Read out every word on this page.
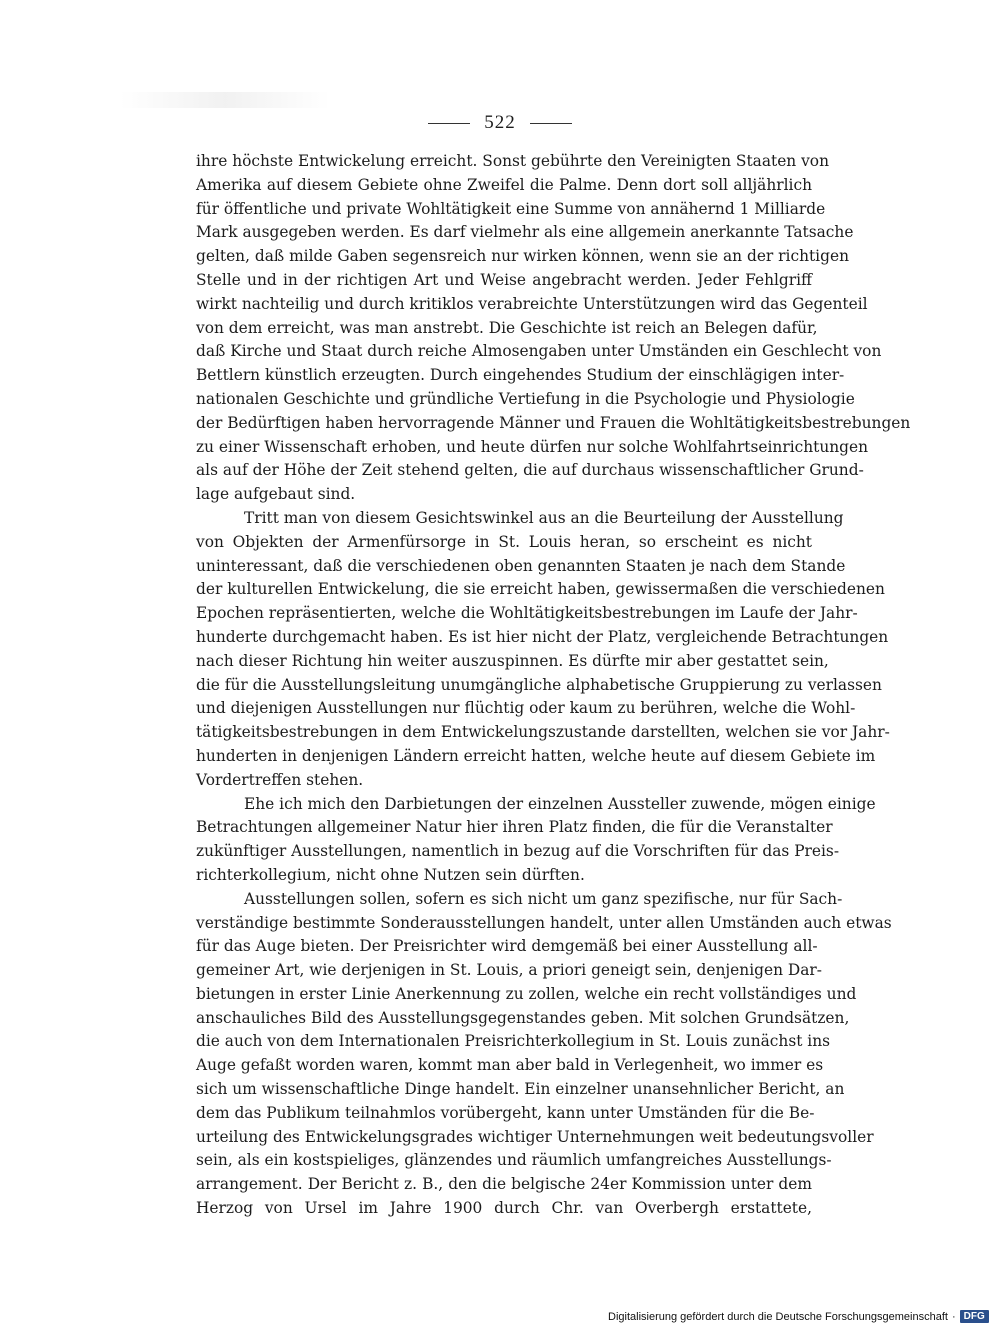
522
ihre höchste Entwickelung erreicht. Sonst gebührte den Vereinigten Staaten von
Amerika auf diesem Gebiete ohne Zweifel die Palme. Denn dort soll alljährlich
für öffentliche und private Wohltätigkeit eine Summe von annähernd 1 Milliarde
Mark ausgegeben werden. Es darf vielmehr als eine allgemein anerkannte Tatsache
gelten, daß milde Gaben segensreich nur wirken können, wenn sie an der richtigen
Stelle und in der richtigen Art und Weise angebracht werden. Jeder Fehlgriff
wirkt nachteilig und durch kritiklos verabreichte Unterstützungen wird das Gegenteil
von dem erreicht, was man anstrebt. Die Geschichte ist reich an Belegen dafür,
daß Kirche und Staat durch reiche Almosengaben unter Umständen ein Geschlecht von
Bettlern künstlich erzeugten. Durch eingehendes Studium der einschlägigen inter-
nationalen Geschichte und gründliche Vertiefung in die Psychologie und Physiologie
der Bedürftigen haben hervorragende Männer und Frauen die Wohltätigkeitsbestrebungen
zu einer Wissenschaft erhoben, und heute dürfen nur solche Wohlfahrtseinrichtungen
als auf der Höhe der Zeit stehend gelten, die auf durchaus wissenschaftlicher Grund-
lage aufgebaut sind.
Tritt man von diesem Gesichtswinkel aus an die Beurteilung der Ausstellung
von Objekten der Armenfürsorge in St. Louis heran, so erscheint es nicht
uninteressant, daß die verschiedenen oben genannten Staaten je nach dem Stande
der kulturellen Entwickelung, die sie erreicht haben, gewissermaßen die verschiedenen
Epochen repräsentierten, welche die Wohltätigkeitsbestrebungen im Laufe der Jahr-
hunderte durchgemacht haben. Es ist hier nicht der Platz, vergleichende Betrachtungen
nach dieser Richtung hin weiter auszuspinnen. Es dürfte mir aber gestattet sein,
die für die Ausstellungsleitung unumgängliche alphabetische Gruppierung zu verlassen
und diejenigen Ausstellungen nur flüchtig oder kaum zu berühren, welche die Wohl-
tätigkeitsbestrebungen in dem Entwickelungszustande darstellten, welchen sie vor Jahr-
hunderten in denjenigen Ländern erreicht hatten, welche heute auf diesem Gebiete im
Vordertreffen stehen.
Ehe ich mich den Darbietungen der einzelnen Aussteller zuwende, mögen einige
Betrachtungen allgemeiner Natur hier ihren Platz finden, die für die Veranstalter
zukünftiger Ausstellungen, namentlich in bezug auf die Vorschriften für das Preis-
richterkollegium, nicht ohne Nutzen sein dürften.
Ausstellungen sollen, sofern es sich nicht um ganz spezifische, nur für Sach-
verständige bestimmte Sonderausstellungen handelt, unter allen Umständen auch etwas
für das Auge bieten. Der Preisrichter wird demgemäß bei einer Ausstellung all-
gemeiner Art, wie derjenigen in St. Louis, a priori geneigt sein, denjenigen Dar-
bietungen in erster Linie Anerkennung zu zollen, welche ein recht vollständiges und
anschauliches Bild des Ausstellungsgegenstandes geben. Mit solchen Grundsätzen,
die auch von dem Internationalen Preisrichterkollegium in St. Louis zunächst ins
Auge gefaßt worden waren, kommt man aber bald in Verlegenheit, wo immer es
sich um wissenschaftliche Dinge handelt. Ein einzelner unansehnlicher Bericht, an
dem das Publikum teilnahmlos vorübergeht, kann unter Umständen für die Be-
urteilung des Entwickelungsgrades wichtiger Unternehmungen weit bedeutungsvoller
sein, als ein kostspieliges, glänzendes und räumlich umfangreiches Ausstellungs-
arrangement. Der Bericht z. B., den die belgische 24er Kommission unter dem
Herzog von Ursel im Jahre 1900 durch Chr. van Overbergh erstattete,
Digitalisierung gefördert durch die Deutsche Forschungsgemeinschaft · DFG
